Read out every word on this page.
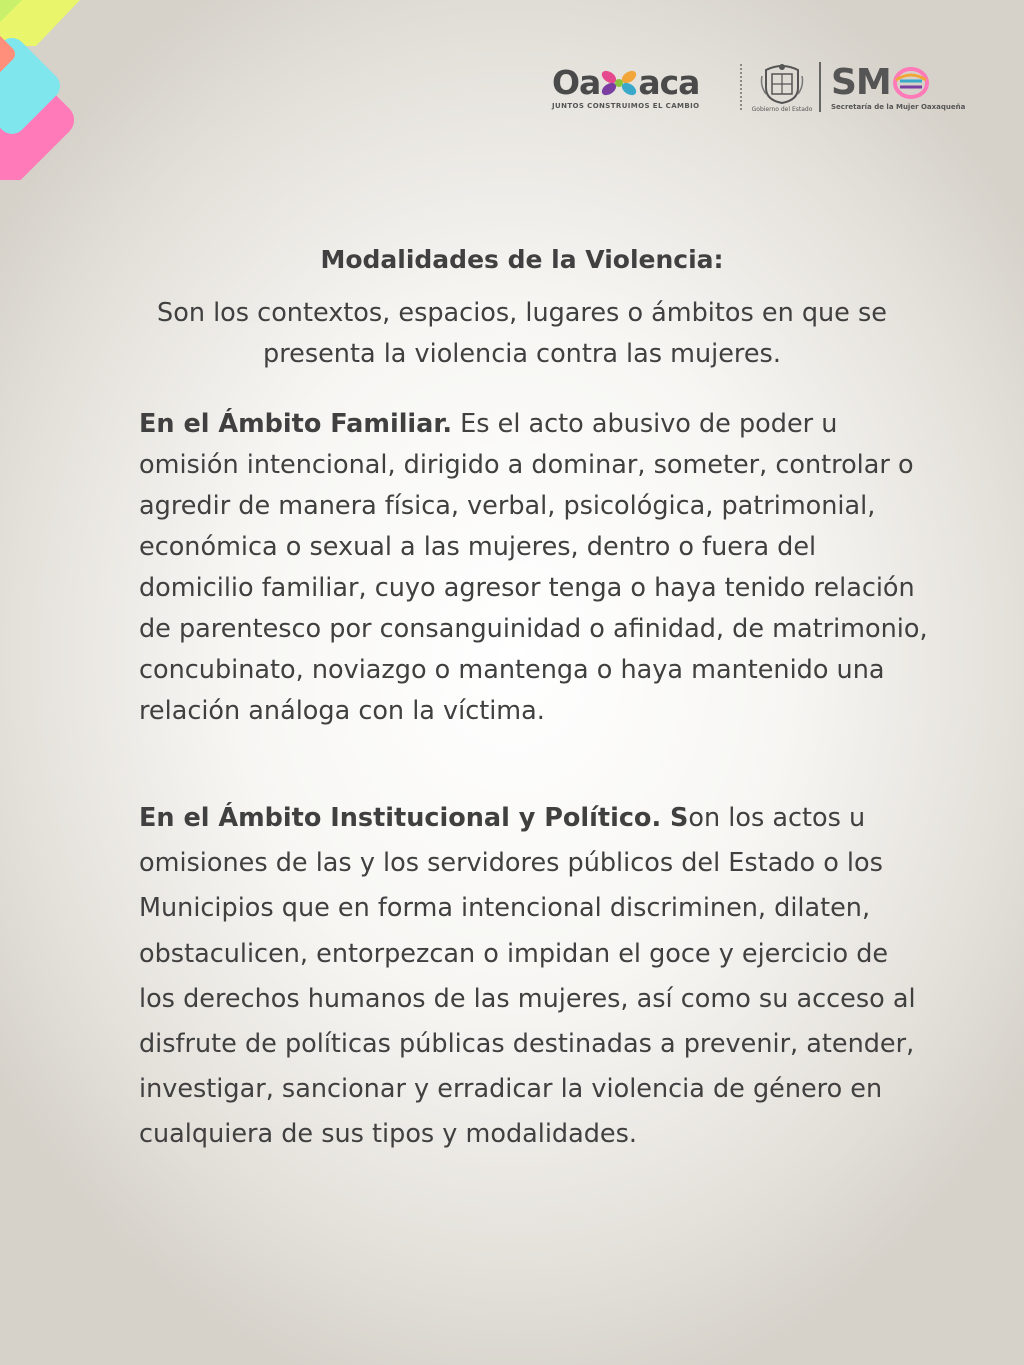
Oa aca
JUNTOS CONSTRUIMOS EL CAMBIO	Gobierno del Estado
SM
Secretaría de la Mujer Oaxaqueña
Modalidades de la Violencia:

Son los contextos, espacios, lugares o ámbitos en que se presenta la violencia contra las mujeres.

En el Ámbito Familiar. Es el acto abusivo de poder u omisión intencional, dirigido a dominar, someter, controlar o agredir de manera física, verbal, psicológica, patrimonial, económica o sexual a las mujeres, dentro o fuera del domicilio familiar, cuyo agresor tenga o haya tenido relación de parentesco por consanguinidad o afinidad, de matrimonio, concubinato, noviazgo o mantenga o haya mantenido una relación análoga con la víctima.

En el Ámbito Institucional y Político. Son los actos u omisiones de las y los servidores públicos del Estado o los Municipios que en forma intencional discriminen, dilaten, obstaculicen, entorpezcan o impidan el goce y ejercicio de los derechos humanos de las mujeres, así como su acceso al disfrute de políticas públicas destinadas a prevenir, atender, investigar, sancionar y erradicar la violencia de género en cualquiera de sus tipos y modalidades.
